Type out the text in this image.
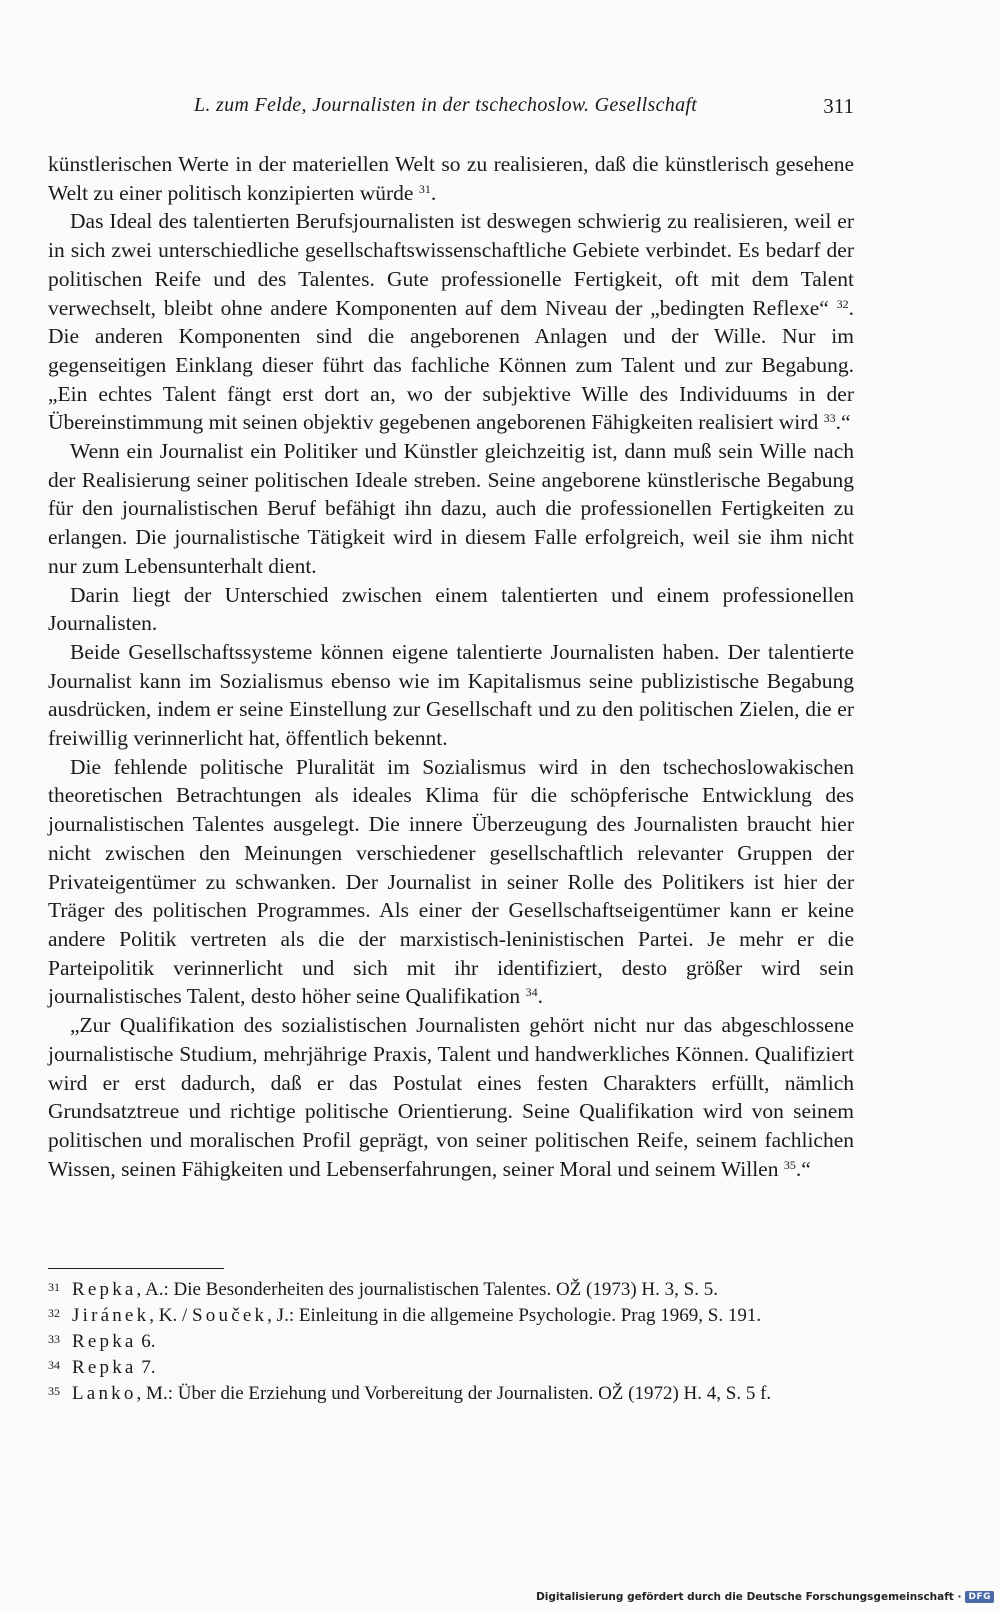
L. zum Felde, Journalisten in der tschechoslow. Gesellschaft	311

künstlerischen Werte in der materiellen Welt so zu realisieren, daß die künstlerisch gesehene Welt zu einer politisch konzipierten würde $^{31}$.

Das Ideal des talentierten Berufsjournalisten ist deswegen schwierig zu realisieren, weil er in sich zwei unterschiedliche gesellschaftswissenschaftliche Gebiete verbindet. Es bedarf der politischen Reife und des Talentes. Gute professionelle Fertigkeit, oft mit dem Talent verwechselt, bleibt ohne andere Komponenten auf dem Niveau der „bedingten Reflexe“ $^{32}$. Die anderen Komponenten sind die angeborenen Anlagen und der Wille. Nur im gegenseitigen Einklang dieser führt das fachliche Können zum Talent und zur Begabung. „Ein echtes Talent fängt erst dort an, wo der subjektive Wille des Individuums in der Übereinstimmung mit seinen objektiv gegebenen angeborenen Fähigkeiten realisiert wird $^{33}$.“

Wenn ein Journalist ein Politiker und Künstler gleichzeitig ist, dann muß sein Wille nach der Realisierung seiner politischen Ideale streben. Seine angeborene künstlerische Begabung für den journalistischen Beruf befähigt ihn dazu, auch die professionellen Fertigkeiten zu erlangen. Die journalistische Tätigkeit wird in diesem Falle erfolgreich, weil sie ihm nicht nur zum Lebensunterhalt dient.

Darin liegt der Unterschied zwischen einem talentierten und einem professionellen Journalisten.

Beide Gesellschaftssysteme können eigene talentierte Journalisten haben. Der talentierte Journalist kann im Sozialismus ebenso wie im Kapitalismus seine publizistische Begabung ausdrücken, indem er seine Einstellung zur Gesellschaft und zu den politischen Zielen, die er freiwillig verinnerlicht hat, öffentlich bekennt.

Die fehlende politische Pluralität im Sozialismus wird in den tschechoslowakischen theoretischen Betrachtungen als ideales Klima für die schöpferische Entwicklung des journalistischen Talentes ausgelegt. Die innere Überzeugung des Journalisten braucht hier nicht zwischen den Meinungen verschiedener gesellschaftlich relevanter Gruppen der Privateigentümer zu schwanken. Der Journalist in seiner Rolle des Politikers ist hier der Träger des politischen Programmes. Als einer der Gesellschaftseigentümer kann er keine andere Politik vertreten als die der marxistisch-leninistischen Partei. Je mehr er die Parteipolitik verinnerlicht und sich mit ihr identifiziert, desto größer wird sein journalistisches Talent, desto höher seine Qualifikation $^{34}$.

„Zur Qualifikation des sozialistischen Journalisten gehört nicht nur das abgeschlossene journalistische Studium, mehrjährige Praxis, Talent und handwerkliches Können. Qualifiziert wird er erst dadurch, daß er das Postulat eines festen Charakters erfüllt, nämlich Grundsatztreue und richtige politische Orientierung. Seine Qualifikation wird von seinem politischen und moralischen Profil geprägt, von seiner politischen Reife, seinem fachlichen Wissen, seinen Fähigkeiten und Lebenserfahrungen, seiner Moral und seinem Willen $^{35}$.“

31 Repka, A.: Die Besonderheiten des journalistischen Talentes. OŽ (1973) H. 3, S. 5.
32 Jiránek, K. / Souček, J.: Einleitung in die allgemeine Psychologie. Prag 1969, S. 191.
33 Repka 6.
34 Repka 7.
35 Lanko, M.: Über die Erziehung und Vorbereitung der Journalisten. OŽ (1972) H. 4, S. 5 f.
Digitalisierung gefördert durch die Deutsche Forschungsgemeinschaft · DFG
